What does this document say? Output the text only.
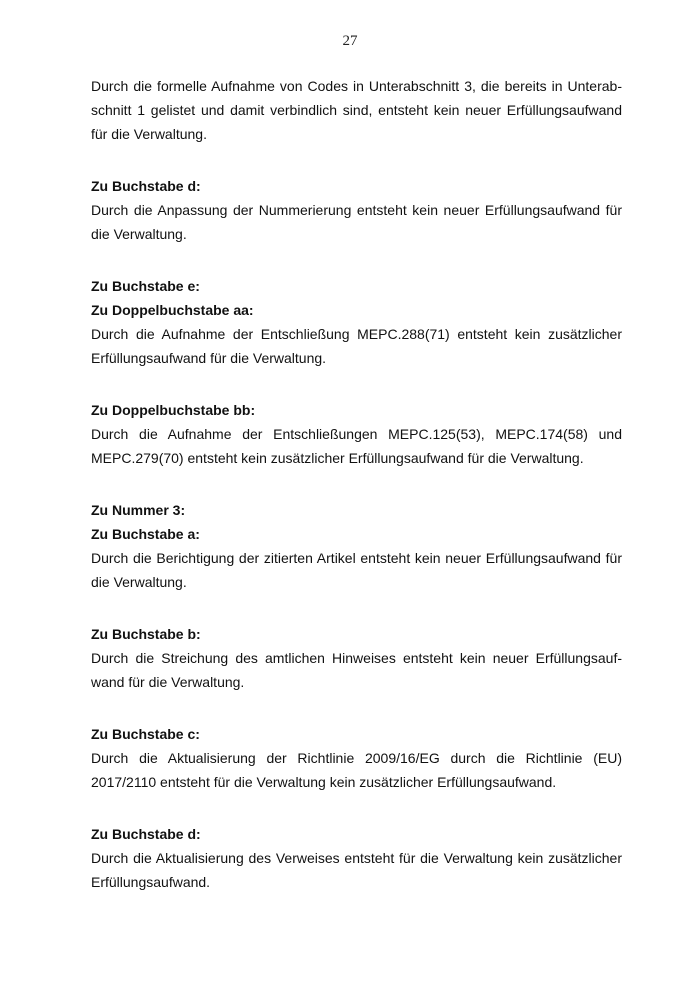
27
Durch die formelle Aufnahme von Codes in Unterabschnitt 3, die bereits in Unterab-
schnitt 1 gelistet und damit verbindlich sind, entsteht kein neuer Erfüllungsaufwand
für die Verwaltung.
Zu Buchstabe d:
Durch die Anpassung der Nummerierung entsteht kein neuer Erfüllungsaufwand für
die Verwaltung.
Zu Buchstabe e:
Zu Doppelbuchstabe aa:
Durch die Aufnahme der Entschließung MEPC.288(71) entsteht kein zusätzlicher
Erfüllungsaufwand für die Verwaltung.
Zu Doppelbuchstabe bb:
Durch die Aufnahme der Entschließungen MEPC.125(53), MEPC.174(58) und
MEPC.279(70) entsteht kein zusätzlicher Erfüllungsaufwand für die Verwaltung.
Zu Nummer 3:
Zu Buchstabe a:
Durch die Berichtigung der zitierten Artikel entsteht kein neuer Erfüllungsaufwand für
die Verwaltung.
Zu Buchstabe b:
Durch die Streichung des amtlichen Hinweises entsteht kein neuer Erfüllungsauf-
wand für die Verwaltung.
Zu Buchstabe c:
Durch die Aktualisierung der Richtlinie 2009/16/EG durch die Richtlinie (EU)
2017/2110 entsteht für die Verwaltung kein zusätzlicher Erfüllungsaufwand.
Zu Buchstabe d:
Durch die Aktualisierung des Verweises entsteht für die Verwaltung kein zusätzlicher
Erfüllungsaufwand.
